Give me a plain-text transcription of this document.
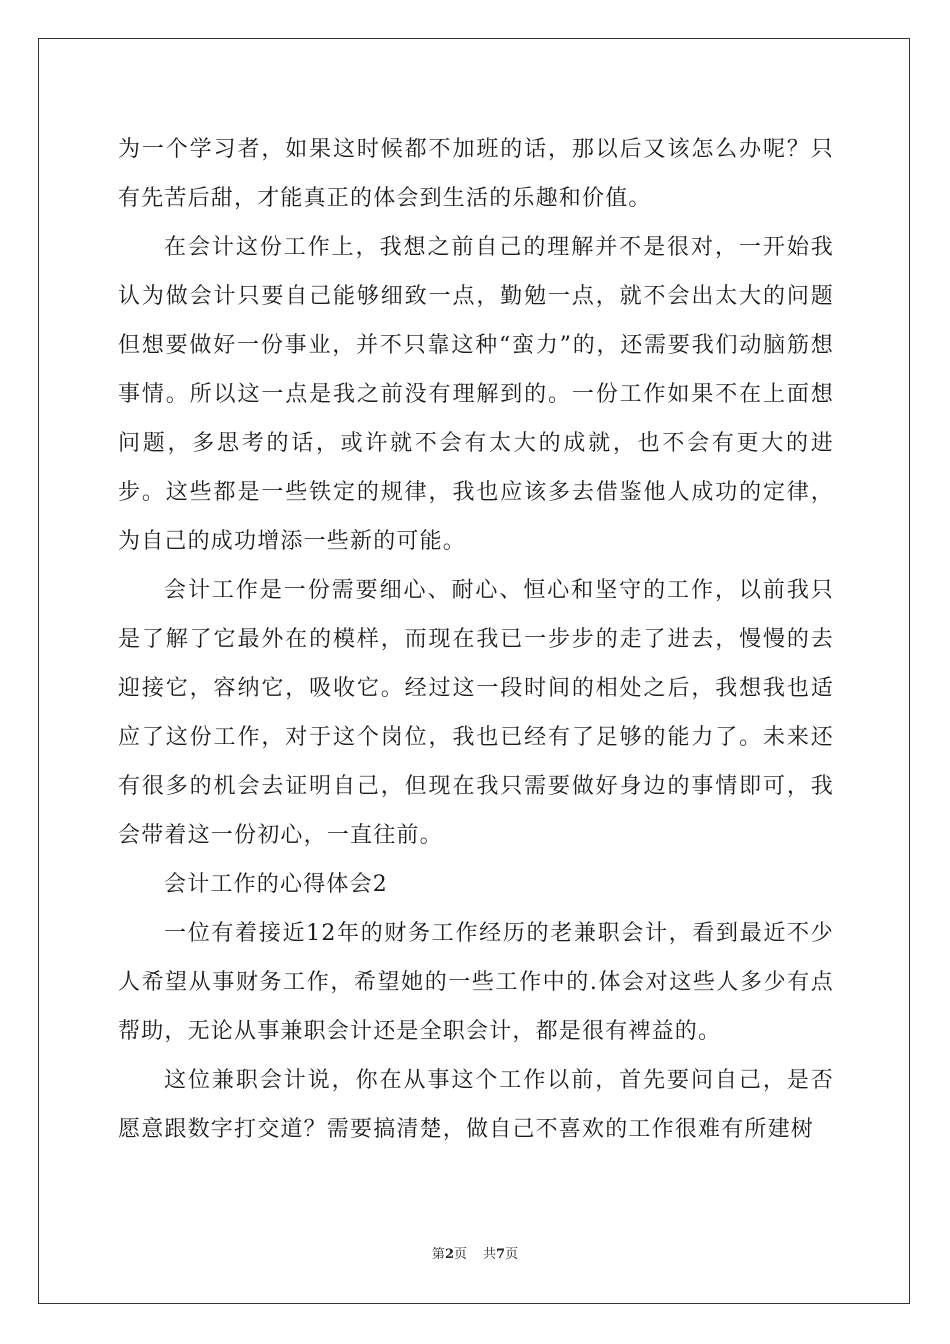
为一个学习者，如果这时候都不加班的话，那以后又该怎么办呢？只有先苦后甜，才能真正的体会到生活的乐趣和价值。

在会计这份工作上，我想之前自己的理解并不是很对，一开始我认为做会计只要自己能够细致一点，勤勉一点，就不会出太大的问题但想要做好一份事业，并不只靠这种“蛮力”的，还需要我们动脑筋想事情。所以这一点是我之前没有理解到的。一份工作如果不在上面想问题，多思考的话，或许就不会有太大的成就，也不会有更大的进步。这些都是一些铁定的规律，我也应该多去借鉴他人成功的定律，为自己的成功增添一些新的可能。

会计工作是一份需要细心、耐心、恒心和坚守的工作，以前我只是了解了它最外在的模样，而现在我已一步步的走了进去，慢慢的去迎接它，容纳它，吸收它。经过这一段时间的相处之后，我想我也适应了这份工作，对于这个岗位，我也已经有了足够的能力了。未来还有很多的机会去证明自己，但现在我只需要做好身边的事情即可，我会带着这一份初心，一直往前。

会计工作的心得体会2

一位有着接近12年的财务工作经历的老兼职会计，看到最近不少人希望从事财务工作，希望她的一些工作中的.体会对这些人多少有点帮助，无论从事兼职会计还是全职会计，都是很有裨益的。

这位兼职会计说，你在从事这个工作以前，首先要问自己，是否愿意跟数字打交道？需要搞清楚，做自己不喜欢的工作很难有所建树

第2页 共7页
